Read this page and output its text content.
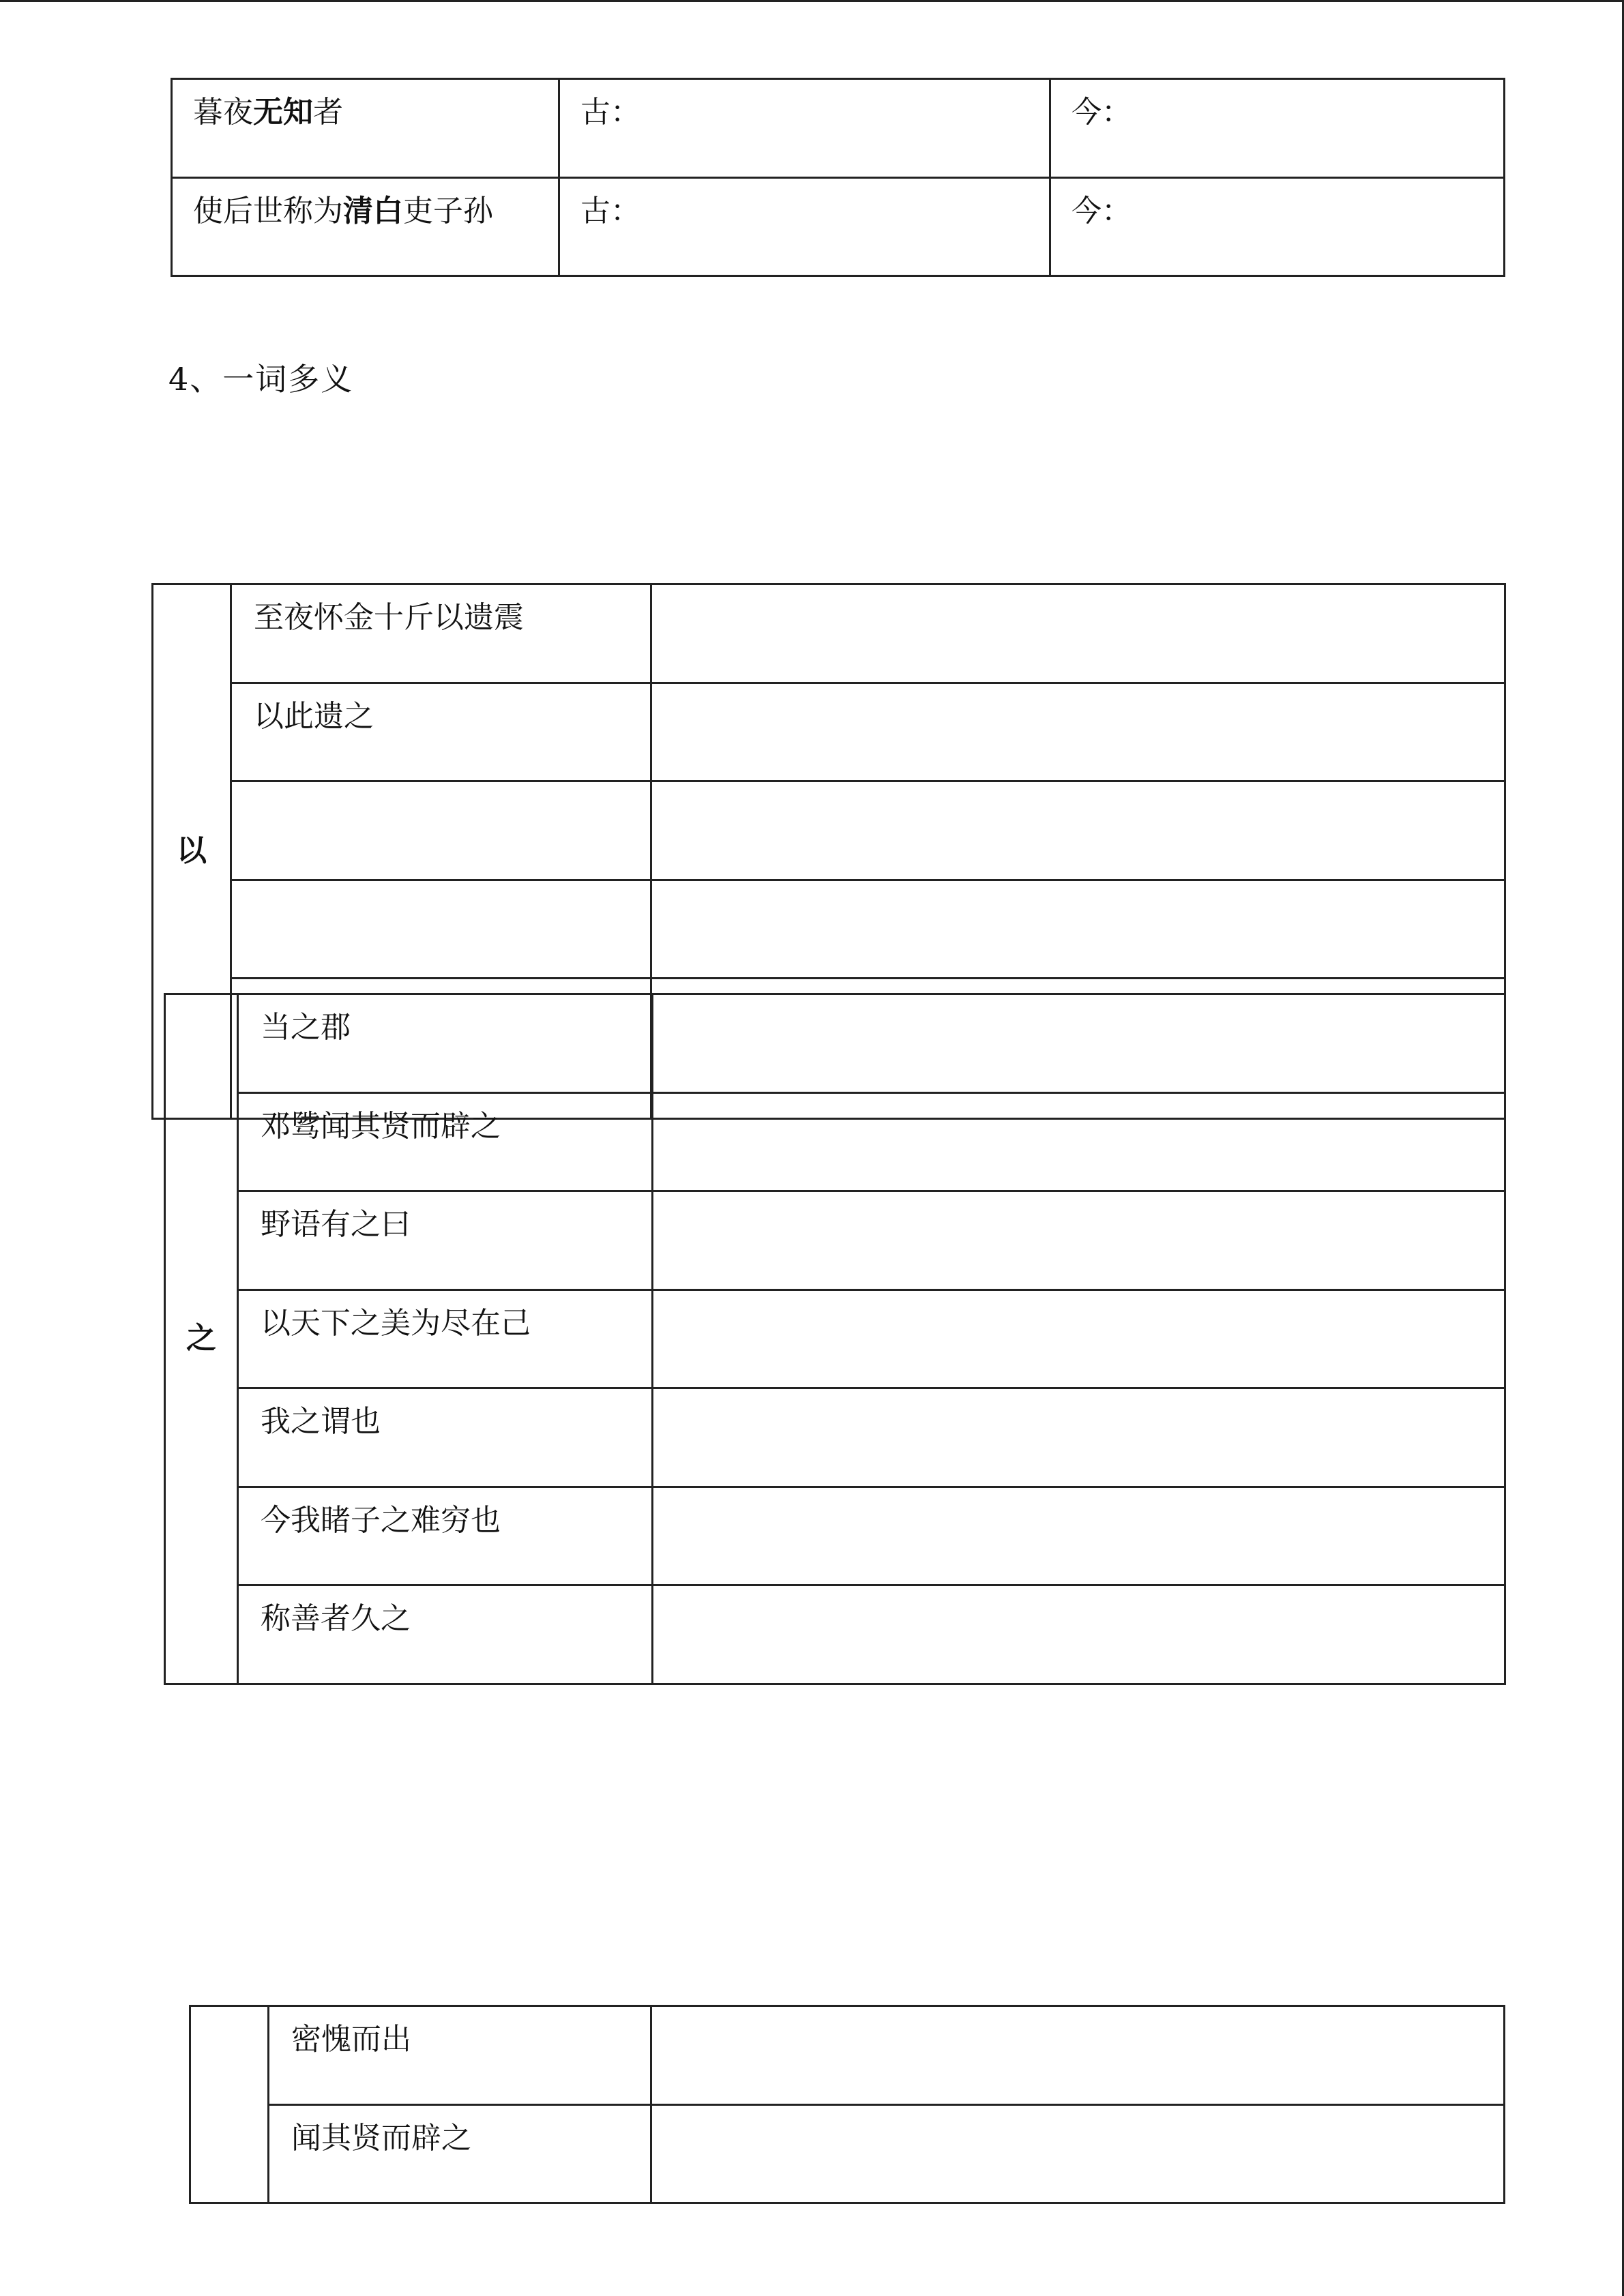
暮夜无知者	古：	今：
使后世称为清白吏子孙	古：	今：
4、一词多义
以	至夜怀金十斤以遗震	
	以此遗之	

之	当之郡	
	邓骘闻其贤而辟之	
	野语有之曰	
	以天下之美为尽在己	
	我之谓也	
	今我睹子之难穷也	
	称善者久之	
	密愧而出	
	闻其贤而辟之	
